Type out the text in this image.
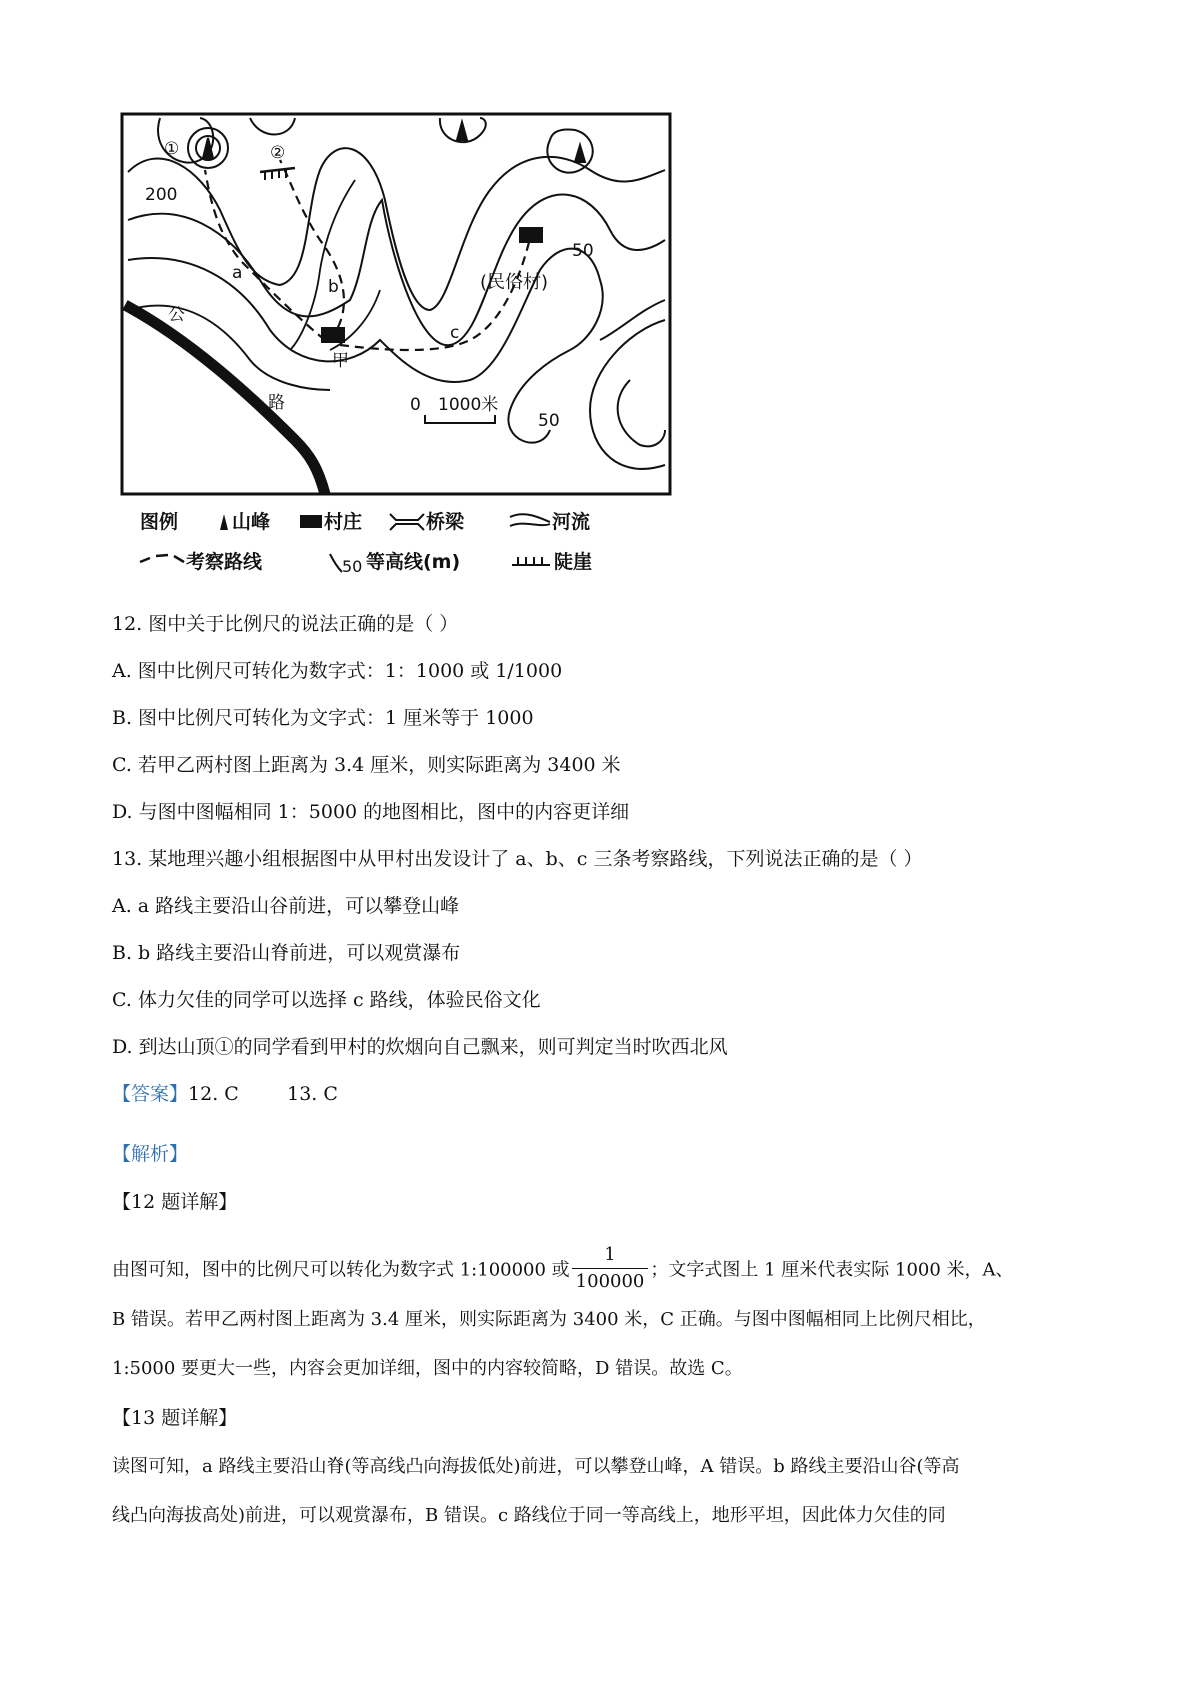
①	②
200
a
b
c
甲
(民俗村)
50
50
公
路	0 1000米
图例	山峰	村庄	桥梁	河流
考察路线	50 等高线(m)	陡崖
12. 图中关于比例尺的说法正确的是（ ）
A. 图中比例尺可转化为数字式：1：1000 或 1/1000
B. 图中比例尺可转化为文字式：1 厘米等于 1000
C. 若甲乙两村图上距离为 3.4 厘米，则实际距离为 3400 米
D. 与图中图幅相同 1：5000 的地图相比，图中的内容更详细
13. 某地理兴趣小组根据图中从甲村出发设计了 a、b、c 三条考察路线，下列说法正确的是（ ）
A. a 路线主要沿山谷前进，可以攀登山峰
B. b 路线主要沿山脊前进，可以观赏瀑布
C. 体力欠佳的同学可以选择 c 路线，体验民俗文化
D. 到达山顶①的同学看到甲村的炊烟向自己飘来，则可判定当时吹西北风
【答案】12. C        13. C
【解析】
【12 题详解】
由图可知，图中的比例尺可以转化为数字式 1:100000 或 $\frac{1}{100000}$ ；文字式图上 1 厘米代表实际 1000 米，A、
B 错误。若甲乙两村图上距离为 3.4 厘米，则实际距离为 3400 米，C 正确。与图中图幅相同上比例尺相比，
1:5000 要更大一些，内容会更加详细，图中的内容较简略，D 错误。故选 C。
【13 题详解】
读图可知，a 路线主要沿山脊(等高线凸向海拔低处)前进，可以攀登山峰，A 错误。b 路线主要沿山谷(等高
线凸向海拔高处)前进，可以观赏瀑布，B 错误。c 路线位于同一等高线上，地形平坦，因此体力欠佳的同
